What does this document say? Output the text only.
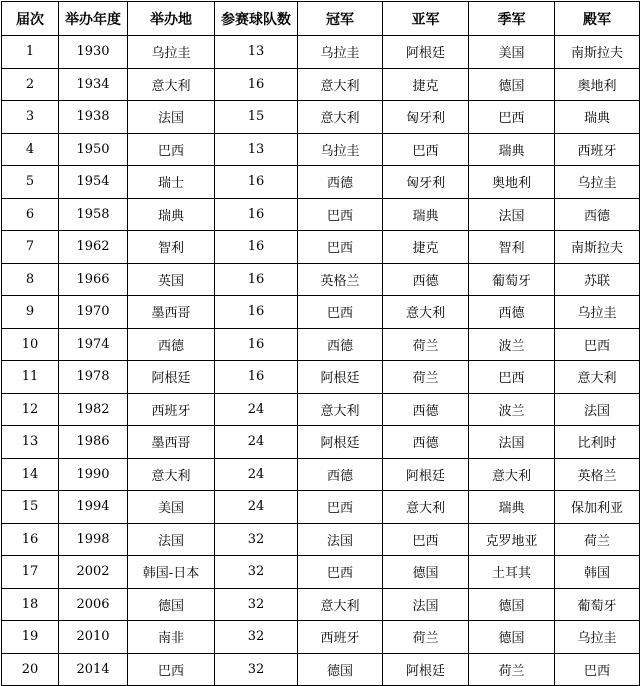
届次	举办年度	举办地	参赛球队数	冠军	亚军	季军	殿军
1	1930	乌拉圭	13	乌拉圭	阿根廷	美国	南斯拉夫
2	1934	意大利	16	意大利	捷克	德国	奥地利
3	1938	法国	15	意大利	匈牙利	巴西	瑞典
4	1950	巴西	13	乌拉圭	巴西	瑞典	西班牙
5	1954	瑞士	16	西德	匈牙利	奥地利	乌拉圭
6	1958	瑞典	16	巴西	瑞典	法国	西德
7	1962	智利	16	巴西	捷克	智利	南斯拉夫
8	1966	英国	16	英格兰	西德	葡萄牙	苏联
9	1970	墨西哥	16	巴西	意大利	西德	乌拉圭
10	1974	西德	16	西德	荷兰	波兰	巴西
11	1978	阿根廷	16	阿根廷	荷兰	巴西	意大利
12	1982	西班牙	24	意大利	西德	波兰	法国
13	1986	墨西哥	24	阿根廷	西德	法国	比利时
14	1990	意大利	24	西德	阿根廷	意大利	英格兰
15	1994	美国	24	巴西	意大利	瑞典	保加利亚
16	1998	法国	32	法国	巴西	克罗地亚	荷兰
17	2002	韩国-日本	32	巴西	德国	土耳其	韩国
18	2006	德国	32	意大利	法国	德国	葡萄牙
19	2010	南非	32	西班牙	荷兰	德国	乌拉圭
20	2014	巴西	32	德国	阿根廷	荷兰	巴西
